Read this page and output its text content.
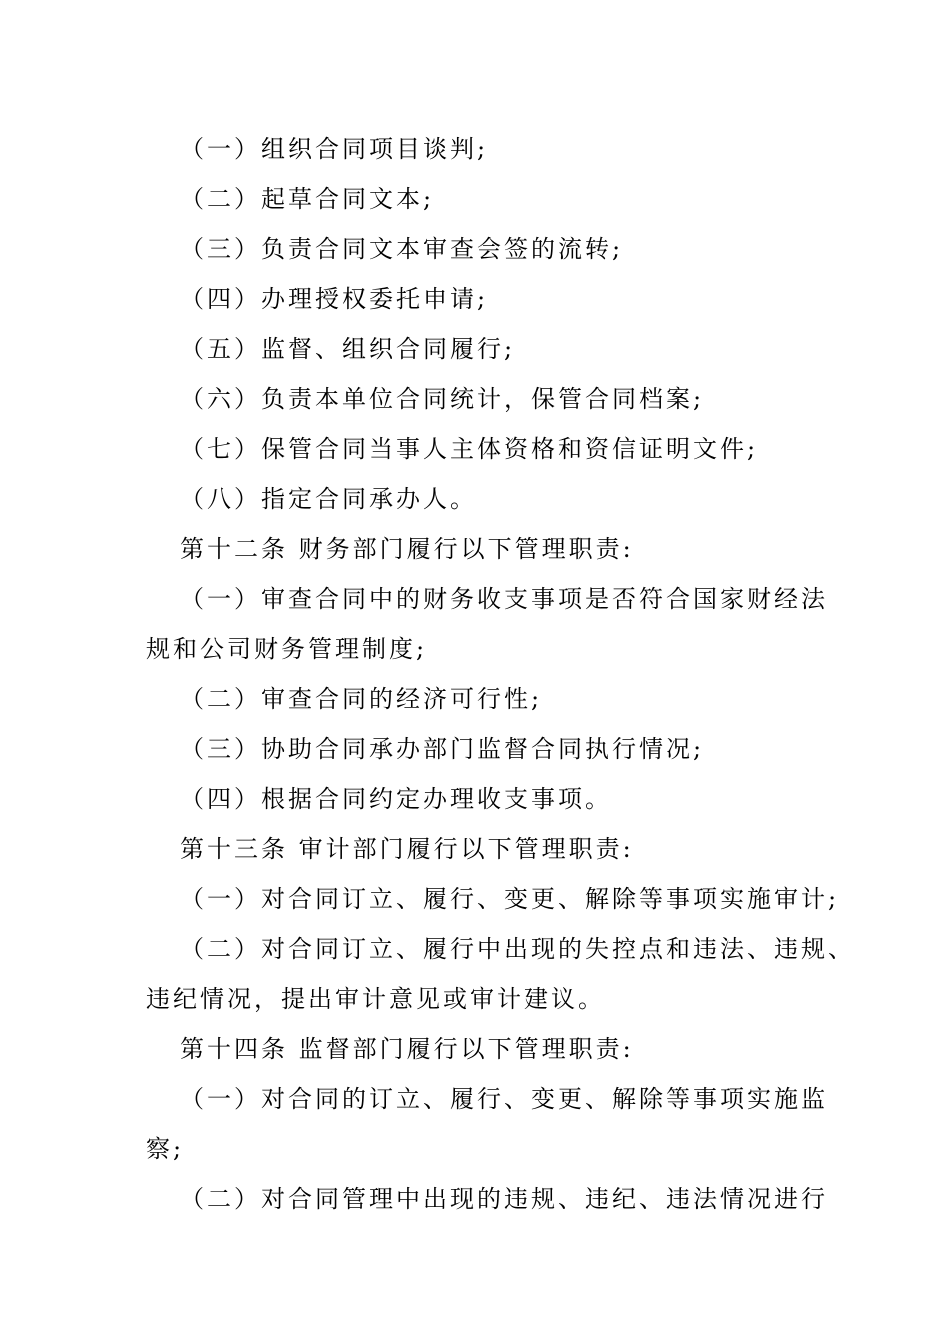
（一）组织合同项目谈判;
（二）起草合同文本;
（三）负责合同文本审查会签的流转;
（四）办理授权委托申请;
（五）监督、组织合同履行;
（六）负责本单位合同统计，保管合同档案;
（七）保管合同当事人主体资格和资信证明文件;
（八）指定合同承办人。
第十二条 财务部门履行以下管理职责:
（一）审查合同中的财务收支事项是否符合国家财经法
规和公司财务管理制度;
（二）审查合同的经济可行性;
（三）协助合同承办部门监督合同执行情况;
（四）根据合同约定办理收支事项。
第十三条 审计部门履行以下管理职责:
（一）对合同订立、履行、变更、解除等事项实施审计;
（二）对合同订立、履行中出现的失控点和违法、违规、
违纪情况，提出审计意见或审计建议。
第十四条 监督部门履行以下管理职责:
（一）对合同的订立、履行、变更、解除等事项实施监
察;
（二）对合同管理中出现的违规、违纪、违法情况进行
